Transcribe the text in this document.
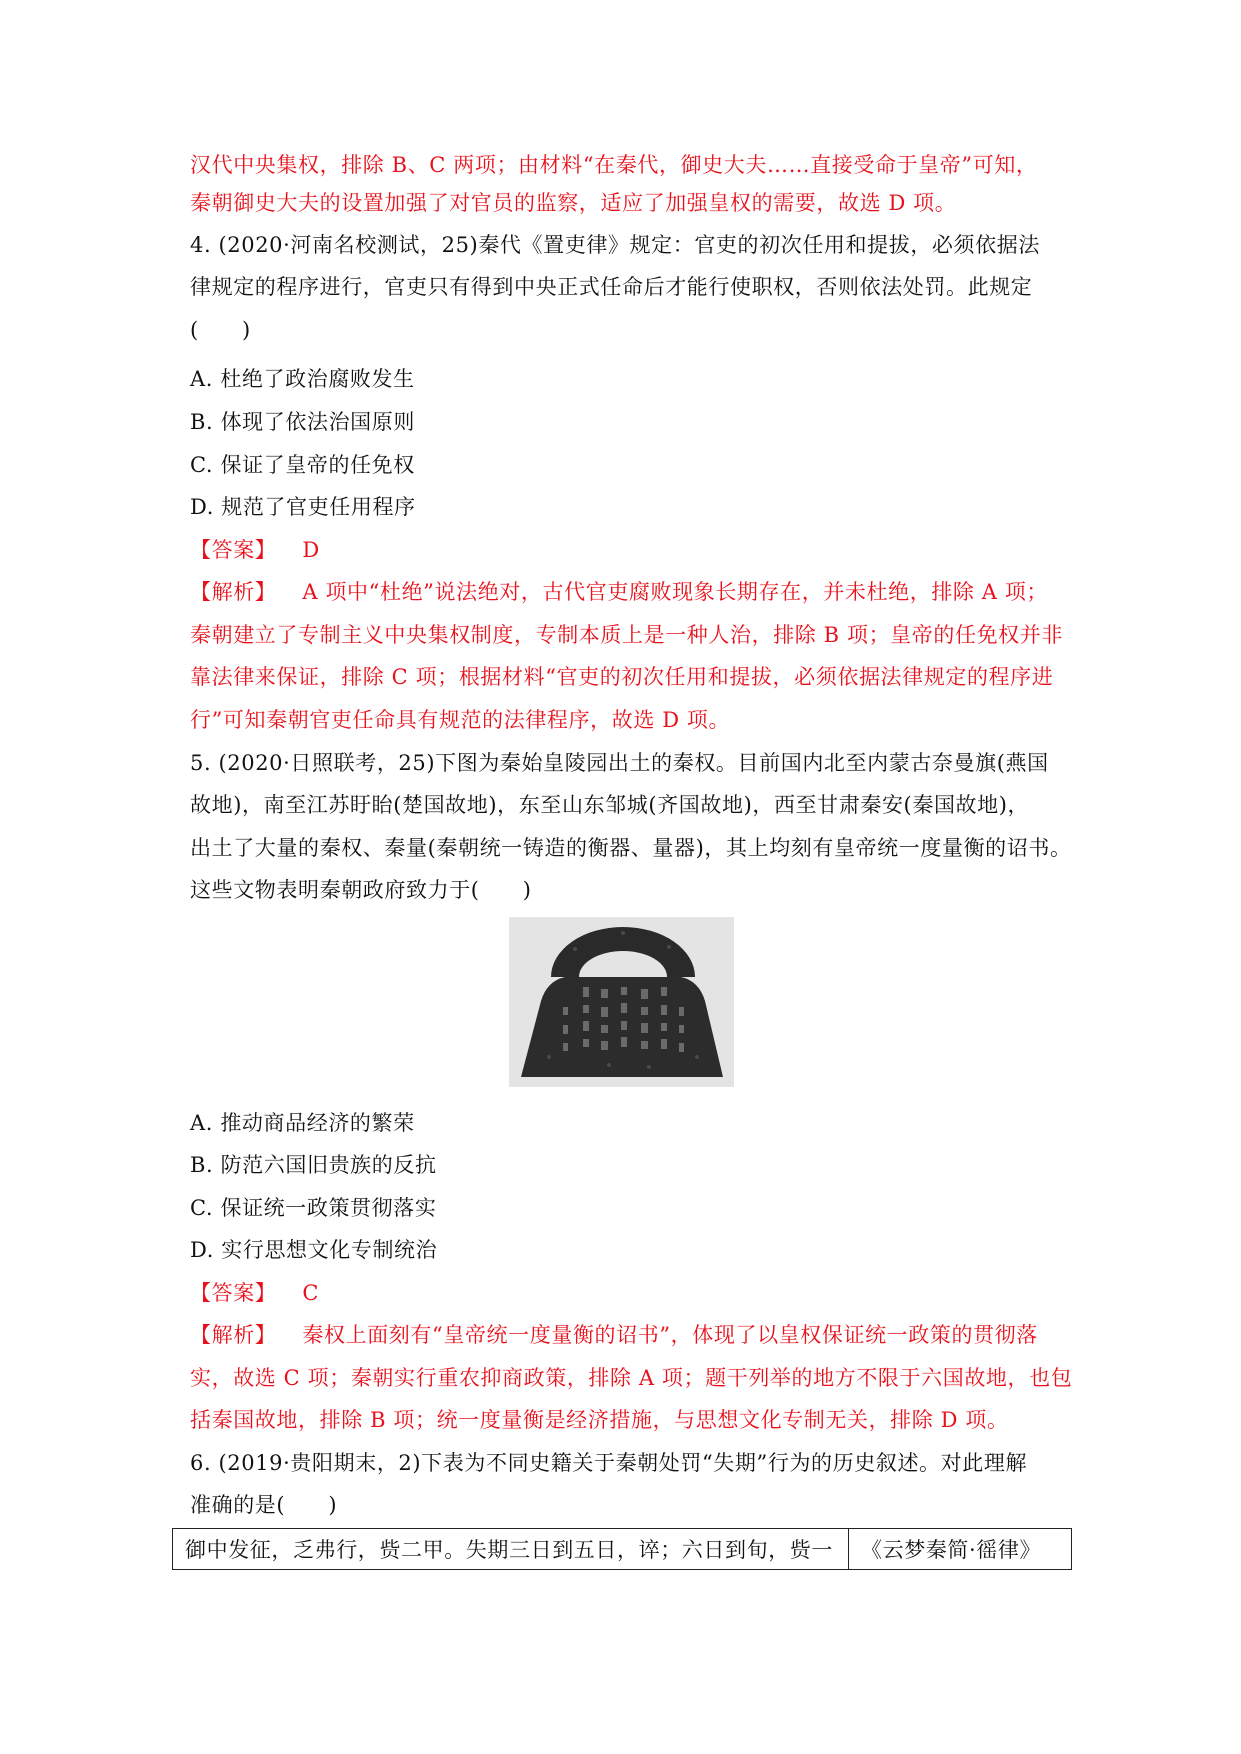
汉代中央集权，排除 B、C 两项；由材料“在秦代，御史大夫……直接受命于皇帝”可知，
秦朝御史大夫的设置加强了对官员的监察，适应了加强皇权的需要，故选 D 项。
4. (2020·河南名校测试，25)秦代《置吏律》规定：官吏的初次任用和提拔，必须依据法
律规定的程序进行，官吏只有得到中央正式任命后才能行使职权，否则依法处罚。此规定
(　　)
A. 杜绝了政治腐败发生
B. 体现了依法治国原则
C. 保证了皇帝的任免权
D. 规范了官吏任用程序
【答案】 D
【解析】 A 项中“杜绝”说法绝对，古代官吏腐败现象长期存在，并未杜绝，排除 A 项；
秦朝建立了专制主义中央集权制度，专制本质上是一种人治，排除 B 项；皇帝的任免权并非
靠法律来保证，排除 C 项；根据材料“官吏的初次任用和提拔，必须依据法律规定的程序进
行”可知秦朝官吏任命具有规范的法律程序，故选 D 项。
5. (2020·日照联考，25)下图为秦始皇陵园出土的秦权。目前国内北至内蒙古奈曼旗(燕国
故地)，南至江苏盱眙(楚国故地)，东至山东邹城(齐国故地)，西至甘肃秦安(秦国故地)，
出土了大量的秦权、秦量(秦朝统一铸造的衡器、量器)，其上均刻有皇帝统一度量衡的诏书。
这些文物表明秦朝政府致力于(　　)
A. 推动商品经济的繁荣
B. 防范六国旧贵族的反抗
C. 保证统一政策贯彻落实
D. 实行思想文化专制统治
【答案】 C
【解析】 秦权上面刻有“皇帝统一度量衡的诏书”，体现了以皇权保证统一政策的贯彻落
实，故选 C 项；秦朝实行重农抑商政策，排除 A 项；题干列举的地方不限于六国故地，也包
括秦国故地，排除 B 项；统一度量衡是经济措施，与思想文化专制无关，排除 D 项。
6. (2019·贵阳期末，2)下表为不同史籍关于秦朝处罚“失期”行为的历史叙述。对此理解
准确的是(　　)
御中发征，乏弗行，赀二甲。失期三日到五日，谇；六日到旬，赀一	《云梦秦简·徭律》
